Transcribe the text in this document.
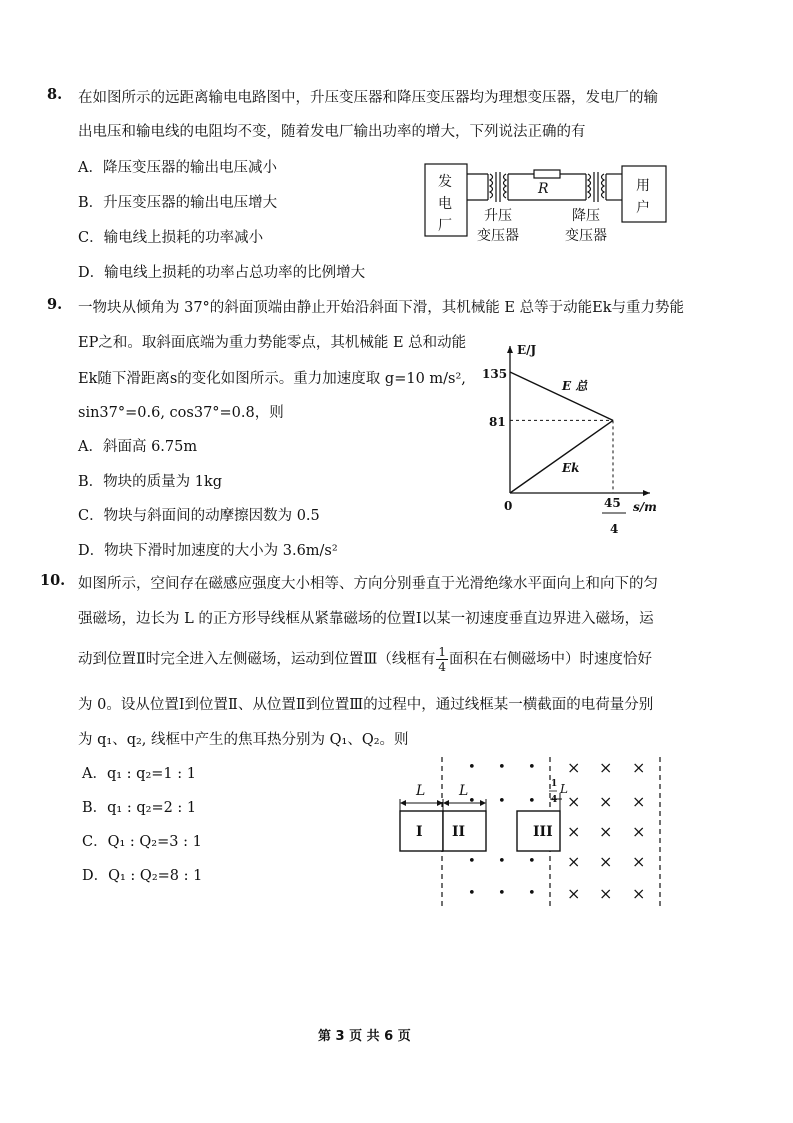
8. 在如图所示的远距离输电电路图中，升压变压器和降压变压器均为理想变压器，发电厂的输
出电压和输电线的电阻均不变，随着发电厂输出功率的增大，下列说法正确的有
A．降压变压器的输出电压减小
B．升压变压器的输出电压增大
C．输电线上损耗的功率减小
D．输电线上损耗的功率占总功率的比例增大
发
电
厂
用
户
R
升压
变压器
降压
变压器
9. 一物块从倾角为 37°的斜面顶端由静止开始沿斜面下滑，其机械能 E 总等于动能Ek与重力势能
EP之和。取斜面底端为重力势能零点，其机械能 E 总和动能
Ek随下滑距离s的变化如图所示。重力加速度取 g=10 m/s²,
sin37°=0.6, cos37°=0.8，则
A．斜面高 6.75m
B．物块的质量为 1kg
C．物块与斜面间的动摩擦因数为 0.5
D．物块下滑时加速度的大小为 3.6m/s²
E/J
s/m
0
135
81
45
4
E 总
Ek
10. 如图所示，空间存在磁感应强度大小相等、方向分别垂直于光滑绝缘水平面向上和向下的匀
强磁场，边长为 L 的正方形导线框从紧靠磁场的位置Ⅰ以某一初速度垂直边界进入磁场，运
动到位置Ⅱ时完全进入左侧磁场，运动到位置Ⅲ（线框有 $\frac{1}{4}$ 面积在右侧磁场中）时速度恰好
为 0。设从位置Ⅰ到位置Ⅱ、从位置Ⅱ到位置Ⅲ的过程中，通过线框某一横截面的电荷量分别
为 q₁、q₂, 线框中产生的焦耳热分别为 Q₁、Q₂。则
A．q₁ : q₂=1 : 1
B．q₁ : q₂=2 : 1
C．Q₁ : Q₂=3 : 1
D．Q₁ : Q₂=8 : 1
L L	L
1
4
I II	III
• • • × × ×
• • • × × ×
× × ×
• • • × × ×
• • • × × ×
第 3 页 共 6 页
